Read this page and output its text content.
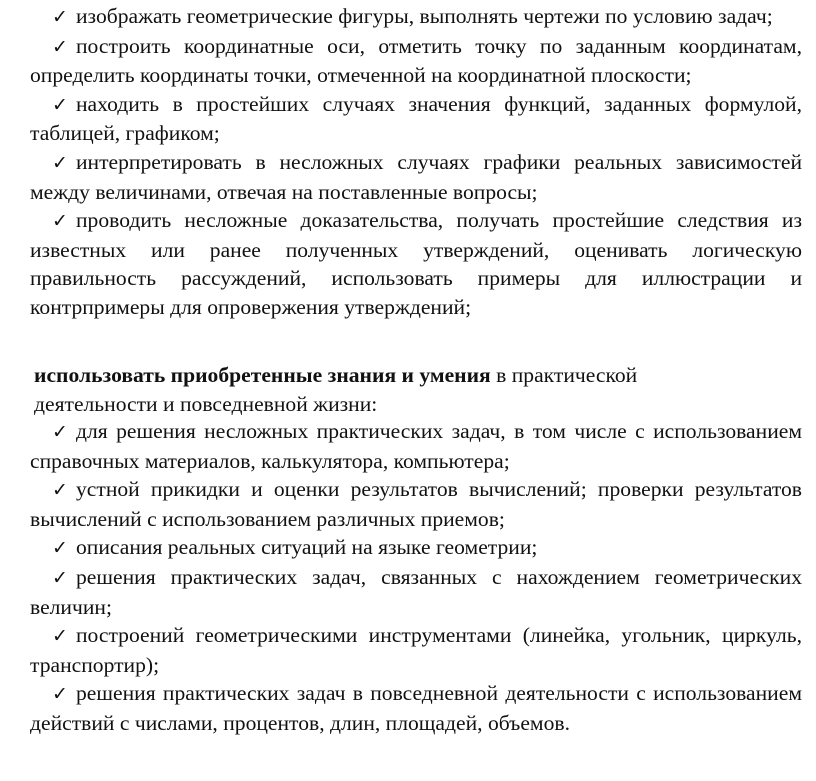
✓ изображать геометрические фигуры, выполнять чертежи по условию задач;
✓ построить координатные оси, отметить точку по заданным координатам, определить координаты точки, отмеченной на координатной плоскости;
✓ находить в простейших случаях значения функций, заданных формулой, таблицей, графиком;
✓ интерпретировать в несложных случаях графики реальных зависимостей между величинами, отвечая на поставленные вопросы;
✓ проводить несложные доказательства, получать простейшие следствия из известных или ранее полученных утверждений, оценивать логическую правильность рассуждений, использовать примеры для иллюстрации и контрпримеры для опровержения утверждений;
использовать приобретенные знания и умения в практической
деятельности и повседневной жизни:
✓ для решения несложных практических задач, в том числе с использованием справочных материалов, калькулятора, компьютера;
✓ устной прикидки и оценки результатов вычислений; проверки результатов вычислений с использованием различных приемов;
✓ описания реальных ситуаций на языке геометрии;
✓ решения практических задач, связанных с нахождением геометрических величин;
✓ построений геометрическими инструментами (линейка, угольник, циркуль, транспортир);
✓ решения практических задач в повседневной деятельности с использованием действий с числами, процентов, длин, площадей, объемов.
